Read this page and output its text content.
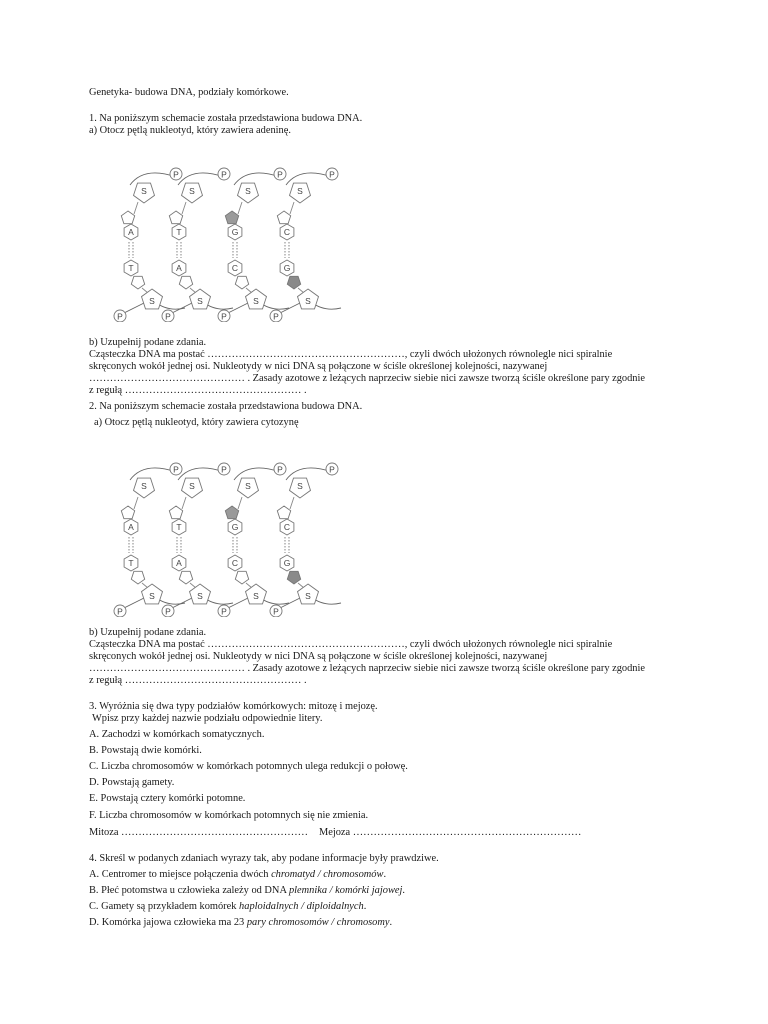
Genetyka- budowa DNA, podziały komórkowe.
1. Na poniższym schemacie została przedstawiona budowa DNA.
a) Otocz pętlą nukleotyd, który zawiera adeninę.
P
S
A
T
S
P
P
S
T
A
S
P
P
S
G
C
S
P
P
S
C
G
S
P
b) Uzupełnij podane zdania.
Cząsteczka DNA ma postać …………………………………………………, czyli dwóch ułożonych równolegle nici spiralnie
skręconych wokół jednej osi. Nukleotydy w nici DNA są połączone w ściśle określonej kolejności, nazywanej
……………………………………… . Zasady azotowe z leżących naprzeciw siebie nici zawsze tworzą ściśle określone pary zgodnie
z regułą …………………………………………… .
2. Na poniższym schemacie została przedstawiona budowa DNA.
a) Otocz pętlą nukleotyd, który zawiera cytozynę
P
S
A
T
S
P
P
S
T
A
S
P
P
S
G
C
S
P
P
S
C
G
S
P
b) Uzupełnij podane zdania.
Cząsteczka DNA ma postać …………………………………………………, czyli dwóch ułożonych równolegle nici spiralnie
skręconych wokół jednej osi. Nukleotydy w nici DNA są połączone w ściśle określonej kolejności, nazywanej
……………………………………… . Zasady azotowe z leżących naprzeciw siebie nici zawsze tworzą ściśle określone pary zgodnie
z regułą …………………………………………… .
3. Wyróżnia się dwa typy podziałów komórkowych: mitozę i mejozę.
Wpisz przy każdej nazwie podziału odpowiednie litery.
A. Zachodzi w komórkach somatycznych.
B. Powstają dwie komórki.
C. Liczba chromosomów w komórkach potomnych ulega redukcji o połowę.
D. Powstają gamety.
E. Powstają cztery komórki potomne.
F. Liczba chromosomów w komórkach potomnych się nie zmienia.
Mitoza ……………………………………………… Mejoza …………………………………………………………
4. Skreśl w podanych zdaniach wyrazy tak, aby podane informacje były prawdziwe.
A. Centromer to miejsce połączenia dwóch chromatyd / chromosomów.
B. Płeć potomstwa u człowieka zależy od DNA plemnika / komórki jajowej.
C. Gamety są przykładem komórek haploidalnych / diploidalnych.
D. Komórka jajowa człowieka ma 23 pary chromosomów / chromosomy.
